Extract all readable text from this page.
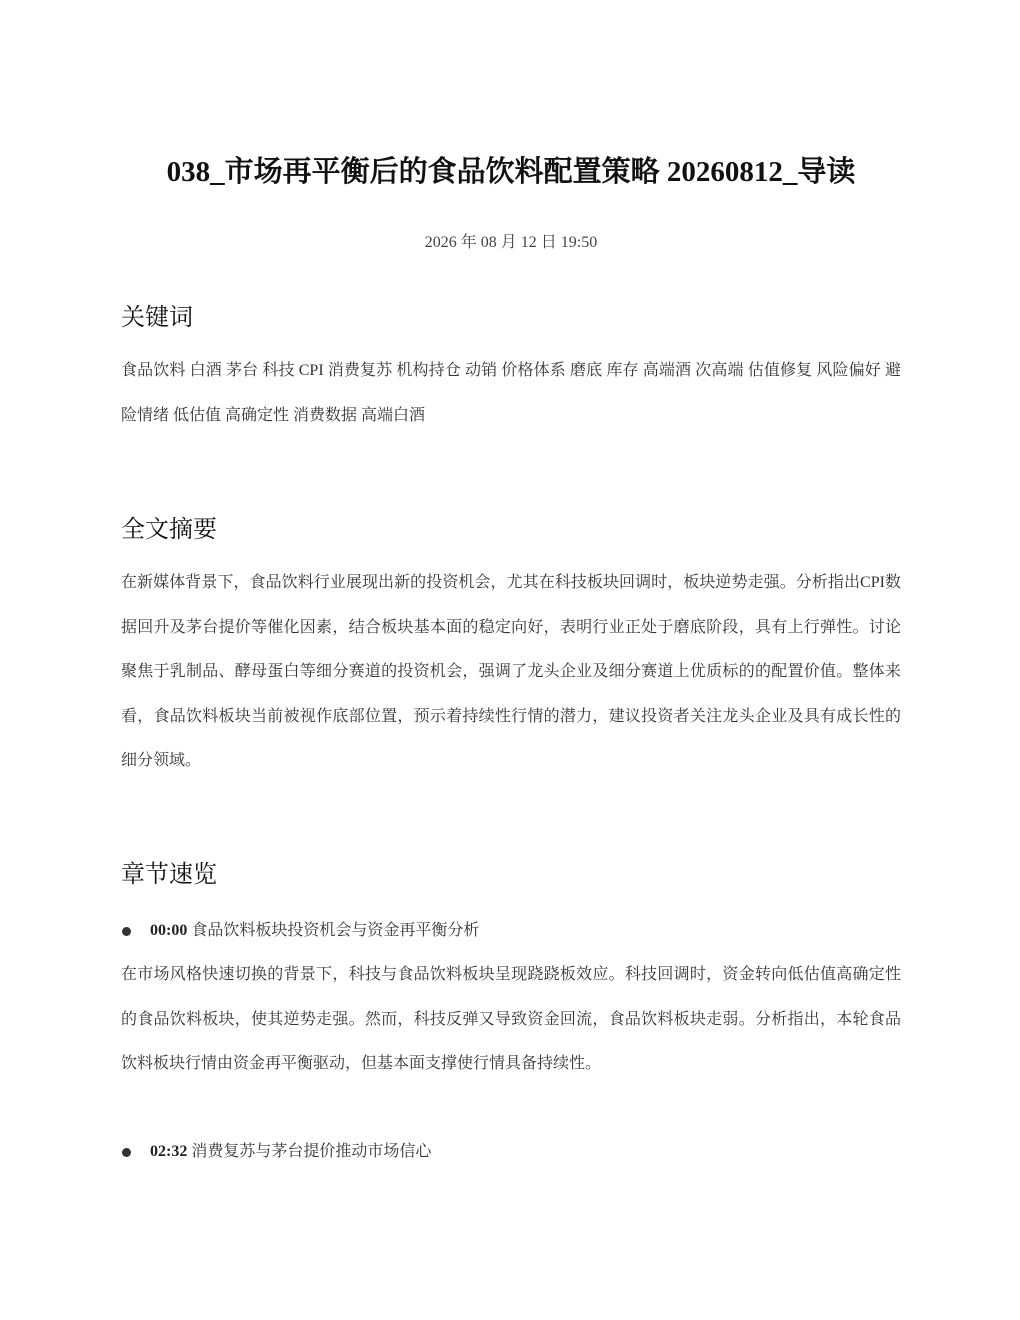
038_市场再平衡后的食品饮料配置策略 20260812_导读
2026 年 08 月 12 日 19:50
关键词

食品饮料 白酒 茅台 科技 CPI 消费复苏 机构持仓 动销 价格体系 磨底 库存 高端酒 次高端 估值修复 风险偏好 避险情绪 低估值 高确定性 消费数据 高端白酒

全文摘要

在新媒体背景下，食品饮料行业展现出新的投资机会，尤其在科技板块回调时，板块逆势走强。分析指出CPI数据回升及茅台提价等催化因素，结合板块基本面的稳定向好，表明行业正处于磨底阶段，具有上行弹性。讨论聚焦于乳制品、酵母蛋白等细分赛道的投资机会，强调了龙头企业及细分赛道上优质标的的配置价值。整体来看，食品饮料板块当前被视作底部位置，预示着持续性行情的潜力，建议投资者关注龙头企业及具有成长性的细分领域。

章节速览
00:00 食品饮料板块投资机会与资金再平衡分析

在市场风格快速切换的背景下，科技与食品饮料板块呈现跷跷板效应。科技回调时，资金转向低估值高确定性的食品饮料板块，使其逆势走强。然而，科技反弹又导致资金回流，食品饮料板块走弱。分析指出，本轮食品饮料板块行情由资金再平衡驱动，但基本面支撑使行情具备持续性。

02:32 消费复苏与茅台提价推动市场信心
